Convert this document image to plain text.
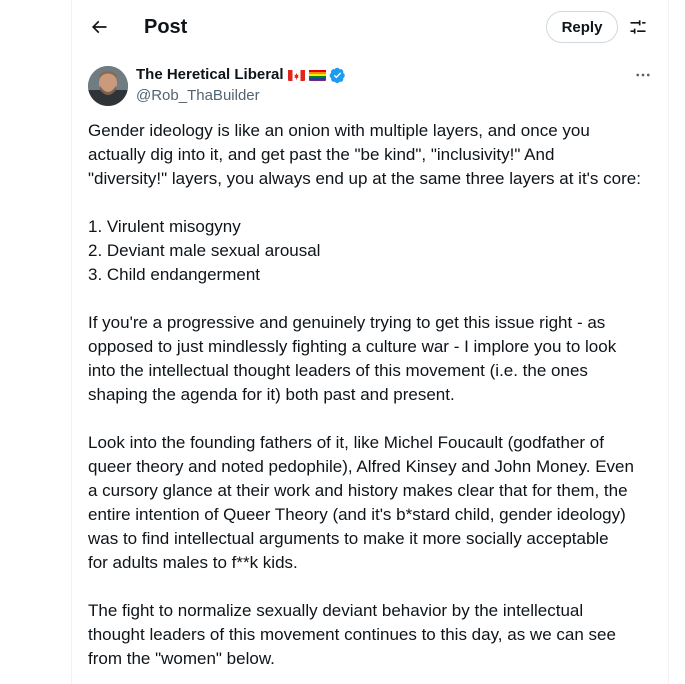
Post	Reply
The Heretical Liberal
@Rob_ThaBuilder

Gender ideology is like an onion with multiple layers, and once you

actually dig into it, and get past the "be kind", "inclusivity!" And

"diversity!" layers, you always end up at the same three layers at it's core:

1. Virulent misogyny

2. Deviant male sexual arousal

3. Child endangerment

If you're a progressive and genuinely trying to get this issue right - as

opposed to just mindlessly fighting a culture war - I implore you to look

into the intellectual thought leaders of this movement (i.e. the ones

shaping the agenda for it) both past and present.

Look into the founding fathers of it, like Michel Foucault (godfather of

queer theory and noted pedophile), Alfred Kinsey and John Money. Even

a cursory glance at their work and history makes clear that for them, the

entire intention of Queer Theory (and it's b*stard child, gender ideology)

was to find intellectual arguments to make it more socially acceptable

for adults males to f**k kids.

The fight to normalize sexually deviant behavior by the intellectual

thought leaders of this movement continues to this day, as we can see

from the "women" below.
